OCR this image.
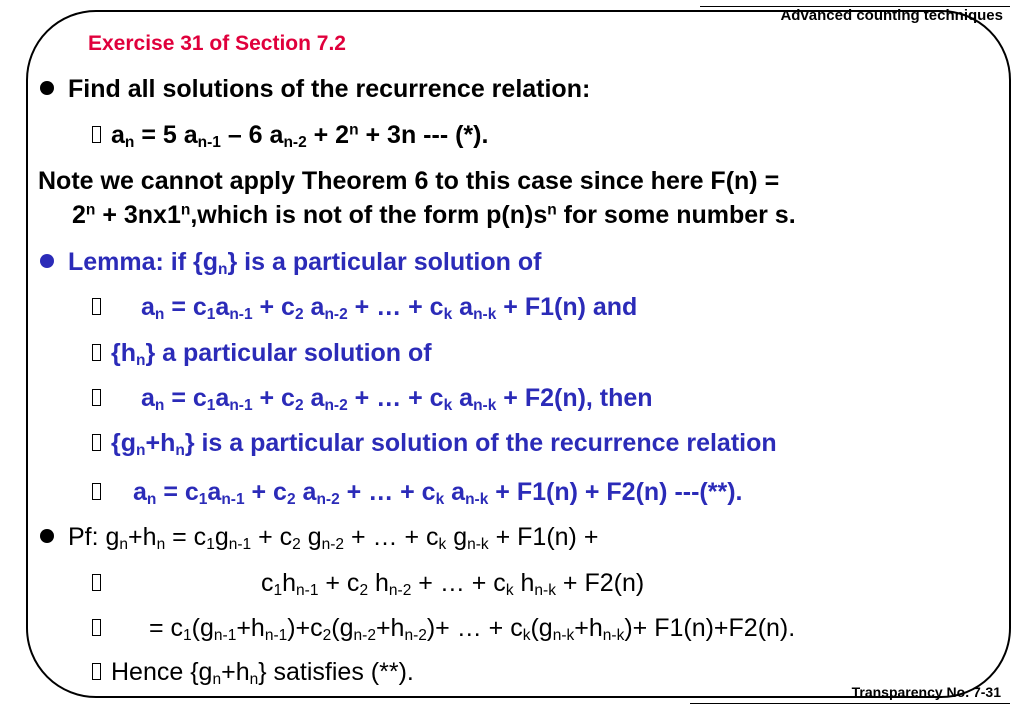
Advanced counting techniques
Exercise 31 of Section 7.2
Find all solutions of the recurrence relation:
$a_n = 5$ $a_{n-1} - 6$ $a_{n-2} + 2^n + 3n$ --- (*).
Note we cannot apply Theorem 6 to this case since here F(n) =
$2^n$ + $3nx1^n,which$ is not of the form $p(n)s^n$ for some number s.
Lemma: if $\{g_n\}$ is a particular solution of
$a_n = c_1a_{n-1} + c_2$ $a_{n-2}$ + … + $c_k$ $a_{n-k} + F1(n)$ and
$\{h_n\}$ a particular solution of
$a_n = c_1a_{n-1} + c_2$ $a_{n-2}$ + … + $c_k$ $a_{n-k} + F2(n)$, then
$\{g_n+h_n\}$ is a particular solution of the recurrence relation
$a_n = c_1a_{n-1} + c_2$ $a_{n-2}$ + … + $c_k$ $a_{n-k} + F1(n) + F2(n)$ ---(**).
Pf: $g_n+h_n = c_1g_{n-1} + c_2$ $g_{n-2}$ + … + $c_k$ $g_{n-k} + F1(n)$ +
$c_1h_{n-1} + c_2$ $h_{n-2}$ + … + $c_k$ $h_{n-k} + F2(n)$
= $c_1(g_{n-1}+h_{n-1})+c_2(g_{n-2}+h_{n-2})+$ … + $c_k(g_{n-k}+h_{n-k})+ F1(n)+F2(n)$.
Hence $\{g_n+h_n\}$ satisfies (**).
Transparency No. 7-31
